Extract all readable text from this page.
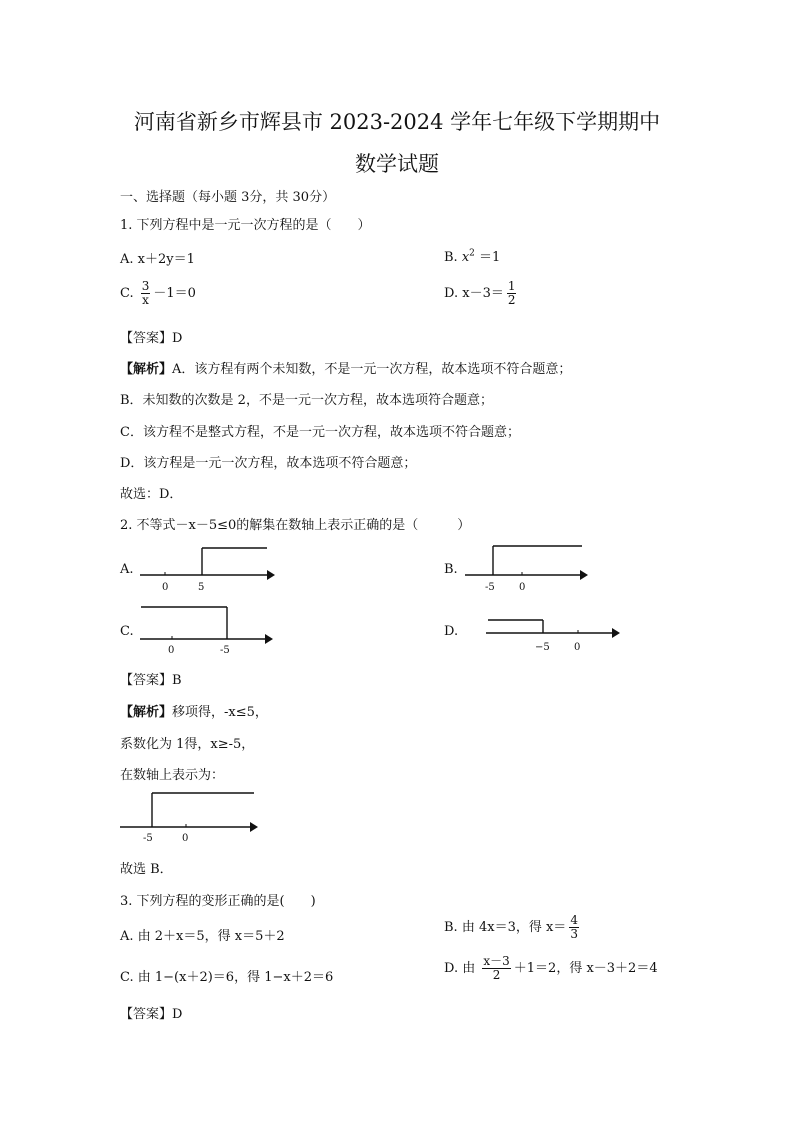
河南省新乡市辉县市 2023-2024 学年七年级下学期期中
数学试题
一、选择题（每小题 3分，共 30分）
1. 下列方程中是一元一次方程的是（　　）
A. x＋2y＝1	B. $x^2 =1$
C. $\frac{3}{x} -1=0$	D. $x-3= \frac{1}{2}$
【答案】D
【解析】A．该方程有两个未知数，不是一元一次方程，故本选项不符合题意；
B．未知数的次数是 2，不是一元一次方程，故本选项符合题意；
C．该方程不是整式方程，不是一元一次方程，故本选项不符合题意；
D．该方程是一元一次方程，故本选项不符合题意；
故选：D．
2. 不等式－x－5≤0的解集在数轴上表示正确的是（　　　）
A.
0	5
B.
-5 0
C.
0	-5
D.
−5 0
【答案】B
【解析】移项得，-x≤5，
系数化为 1得，x≥-5，
在数轴上表示为：
-5	0
故选 B．
3. 下列方程的变形正确的是(　　)
A. 由 2＋x＝5，得 x＝5＋2
B. 由 4x＝3，得 $x= \frac{4}{3}$
C. 由 1−(x＋2)＝6，得 1−x＋2＝6
D. 由 $\frac{x-3}{2} +1=2$，得 x－3＋2＝4
【答案】D
